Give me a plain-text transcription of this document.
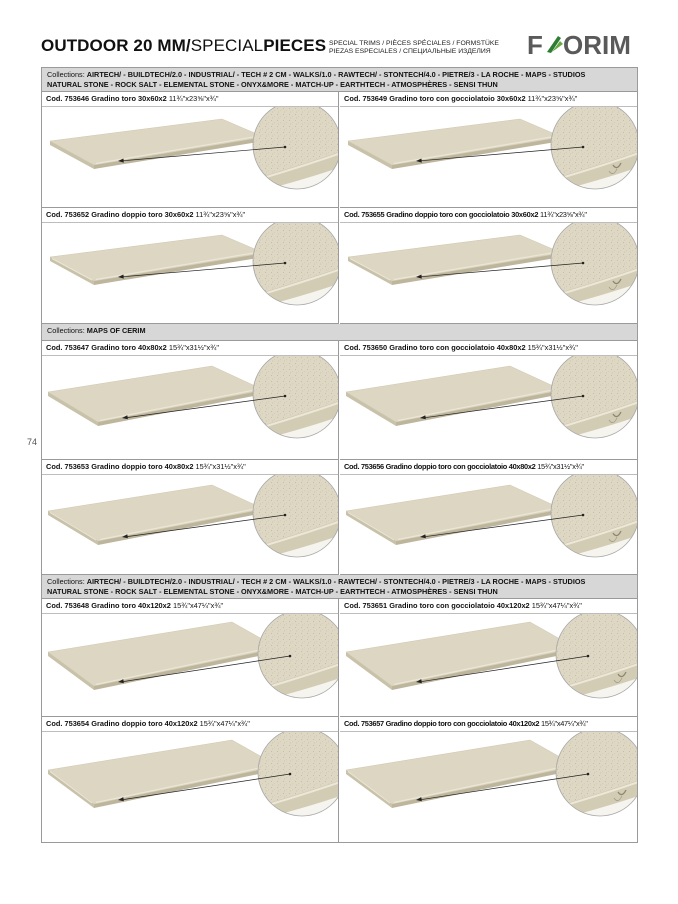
OUTDOOR 20 MM/SPECIALPIECES SPECIAL TRIMS / PIÈCES SPÉCIALES / FORMSTÜKE
PIEZAS ESPECIALES / СПЕЦИАЛЬНЫЕ ИЗДЕЛИЯ	F ORIM
74
Collections: AIRTECH/ - BUILDTECH/2.0 - INDUSTRIAL/ - TECH # 2 CM - WALKS/1.0 - RAWTECH/ - STONTECH/4.0 - PIETRE/3 - LA ROCHE - MAPS - STUDIOS
NATURAL STONE - ROCK SALT - ELEMENTAL STONE - ONYX&MORE - MATCH-UP - EARTHTECH - ATMOSPHÈRES - SENSI THUN
Cod. 753646 Gradino toro 30x60x2 11¾"x23⅝"x¾"	Cod. 753649 Gradino toro con gocciolatoio 30x60x2 11¾"x23⅝"x¾"
Cod. 753652 Gradino doppio toro 30x60x2 11¾"x23⅝"x¾"	Cod. 753655 Gradino doppio toro con gocciolatoio 30x60x2 11¾"x23⅝"x¾"
Collections: MAPS OF CERIM
Cod. 753647 Gradino toro 40x80x2 15¾"x31½"x¾"	Cod. 753650 Gradino toro con gocciolatoio 40x80x2 15¾"x31½"x¾"
Cod. 753653 Gradino doppio toro 40x80x2 15¾"x31½"x¾"	Cod. 753656 Gradino doppio toro con gocciolatoio 40x80x2 15¾"x31½"x¾"
Collections: AIRTECH/ - BUILDTECH/2.0 - INDUSTRIAL/ - TECH # 2 CM - WALKS/1.0 - RAWTECH/ - STONTECH/4.0 - PIETRE/3 - LA ROCHE - MAPS - STUDIOS
NATURAL STONE - ROCK SALT - ELEMENTAL STONE - ONYX&MORE - MATCH-UP - EARTHTECH - ATMOSPHÈRES - SENSI THUN
Cod. 753648 Gradino toro 40x120x2 15¾"x47¼"x¾"	Cod. 753651 Gradino toro con gocciolatoio 40x120x2 15¾"x47¼"x¾"
Cod. 753654 Gradino doppio toro 40x120x2 15¾"x47¼"x¾"	Cod. 753657 Gradino doppio toro con gocciolatoio 40x120x2 15¾"x47¼"x¾"
